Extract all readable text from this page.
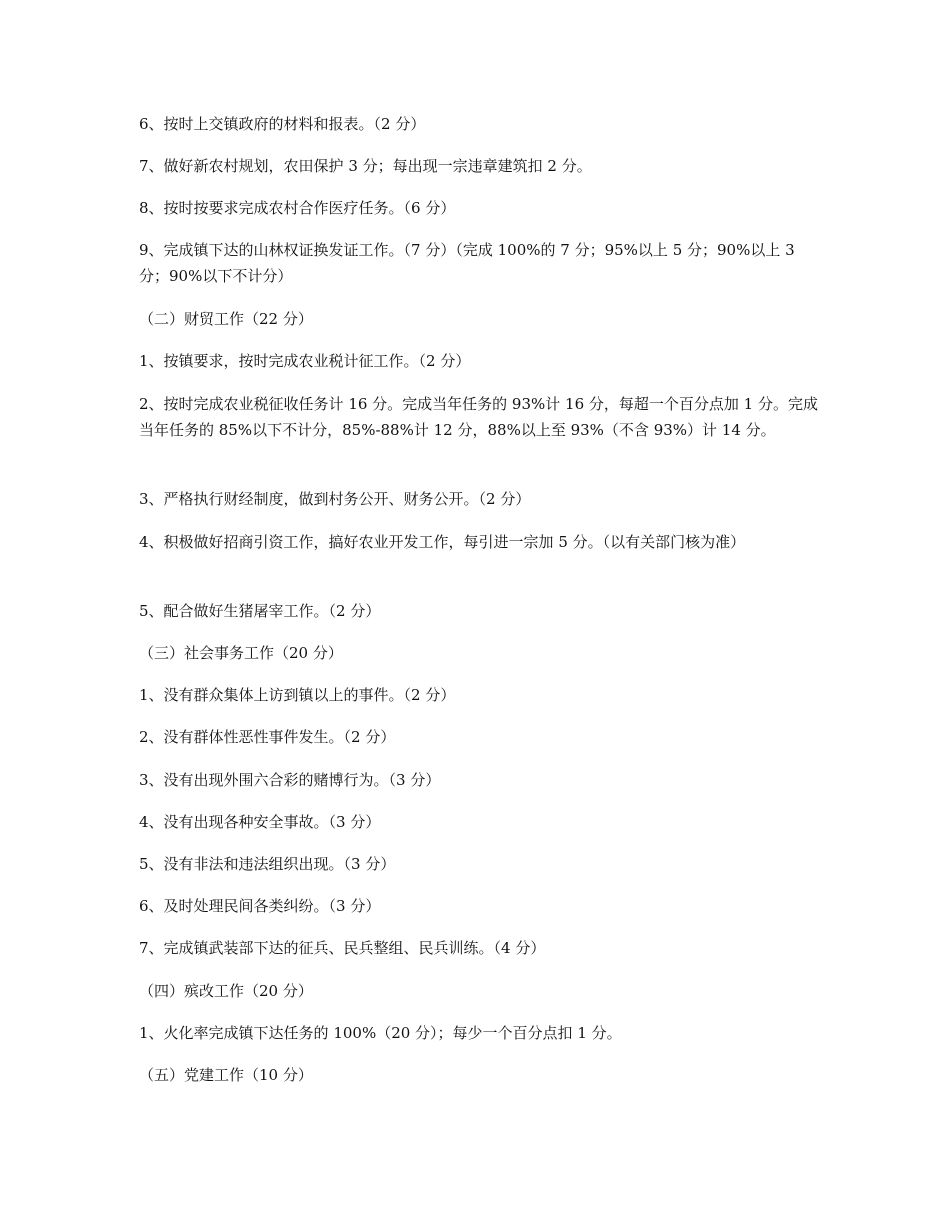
6、按时上交镇政府的材料和报表。（2 分）

7、做好新农村规划，农田保护 3 分；每出现一宗违章建筑扣 2 分。

8、按时按要求完成农村合作医疗任务。（6 分）

9、完成镇下达的山林权证换发证工作。（7 分）（完成 100%的 7 分；95%以上 5 分；90%以上 3 分；90%以下不计分）

（二）财贸工作（22 分）

1、按镇要求，按时完成农业税计征工作。（2 分）

2、按时完成农业税征收任务计 16 分。完成当年任务的 93%计 16 分，每超一个百分点加 1 分。完成当年任务的 85%以下不计分，85%-88%计 12 分，88%以上至 93%（不含 93%）计 14 分。

3、严格执行财经制度，做到村务公开、财务公开。（2 分）

4、积极做好招商引资工作，搞好农业开发工作，每引进一宗加 5 分。（以有关部门核为准）

5、配合做好生猪屠宰工作。（2 分）

（三）社会事务工作（20 分）

1、没有群众集体上访到镇以上的事件。（2 分）

2、没有群体性恶性事件发生。（2 分）

3、没有出现外围六合彩的赌博行为。（3 分）

4、没有出现各种安全事故。（3 分）

5、没有非法和违法组织出现。（3 分）

6、及时处理民间各类纠纷。（3 分）

7、完成镇武装部下达的征兵、民兵整组、民兵训练。（4 分）

（四）殡改工作（20 分）

1、火化率完成镇下达任务的 100%（20 分）；每少一个百分点扣 1 分。

（五）党建工作（10 分）
